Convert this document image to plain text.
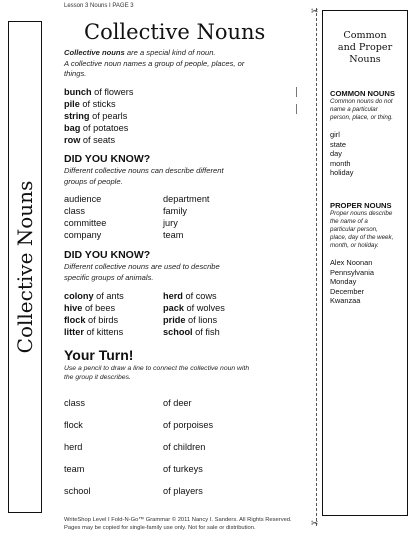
Lesson 3 Nouns I PAGE 3
Collective Nouns
Collective Nouns
Collective nouns are a special kind of noun.
A collective noun names a group of people, places, or
things.
bunch of flowers
pile of sticks
string of pearls
bag of potatoes
row of seats
DID YOU KNOW?
Different collective nouns can describe different
groups of people.
audience
class
committee
company
department
family
jury
team
DID YOU KNOW?
Different collective nouns are used to describe
specific groups of animals.
colony of ants
hive of bees
flock of birds
litter of kittens
herd of cows
pack of wolves
pride of lions
school of fish
Your Turn!
Use a pencil to draw a line to connect the collective noun with
the group it describes.
class
flock
herd
team
school
of deer
of porpoises
of children
of turkeys
of players
WriteShop Level I Fold-N-Go™ Grammar © 2011 Nancy I. Sanders. All Rights Reserved.
Pages may be copied for single-family use only. Not for sale or distribution.
✂
✂
Common
and Proper
Nouns
COMMON NOUNS
Common nouns do not
name a particular
person, place, or thing.
girl
state
day
month
holiday
PROPER NOUNS
Proper nouns describe
the name of a
particular person,
place, day of the week,
month, or holiday.
Alex Noonan
Pennsylvania
Monday
December
Kwanzaa
